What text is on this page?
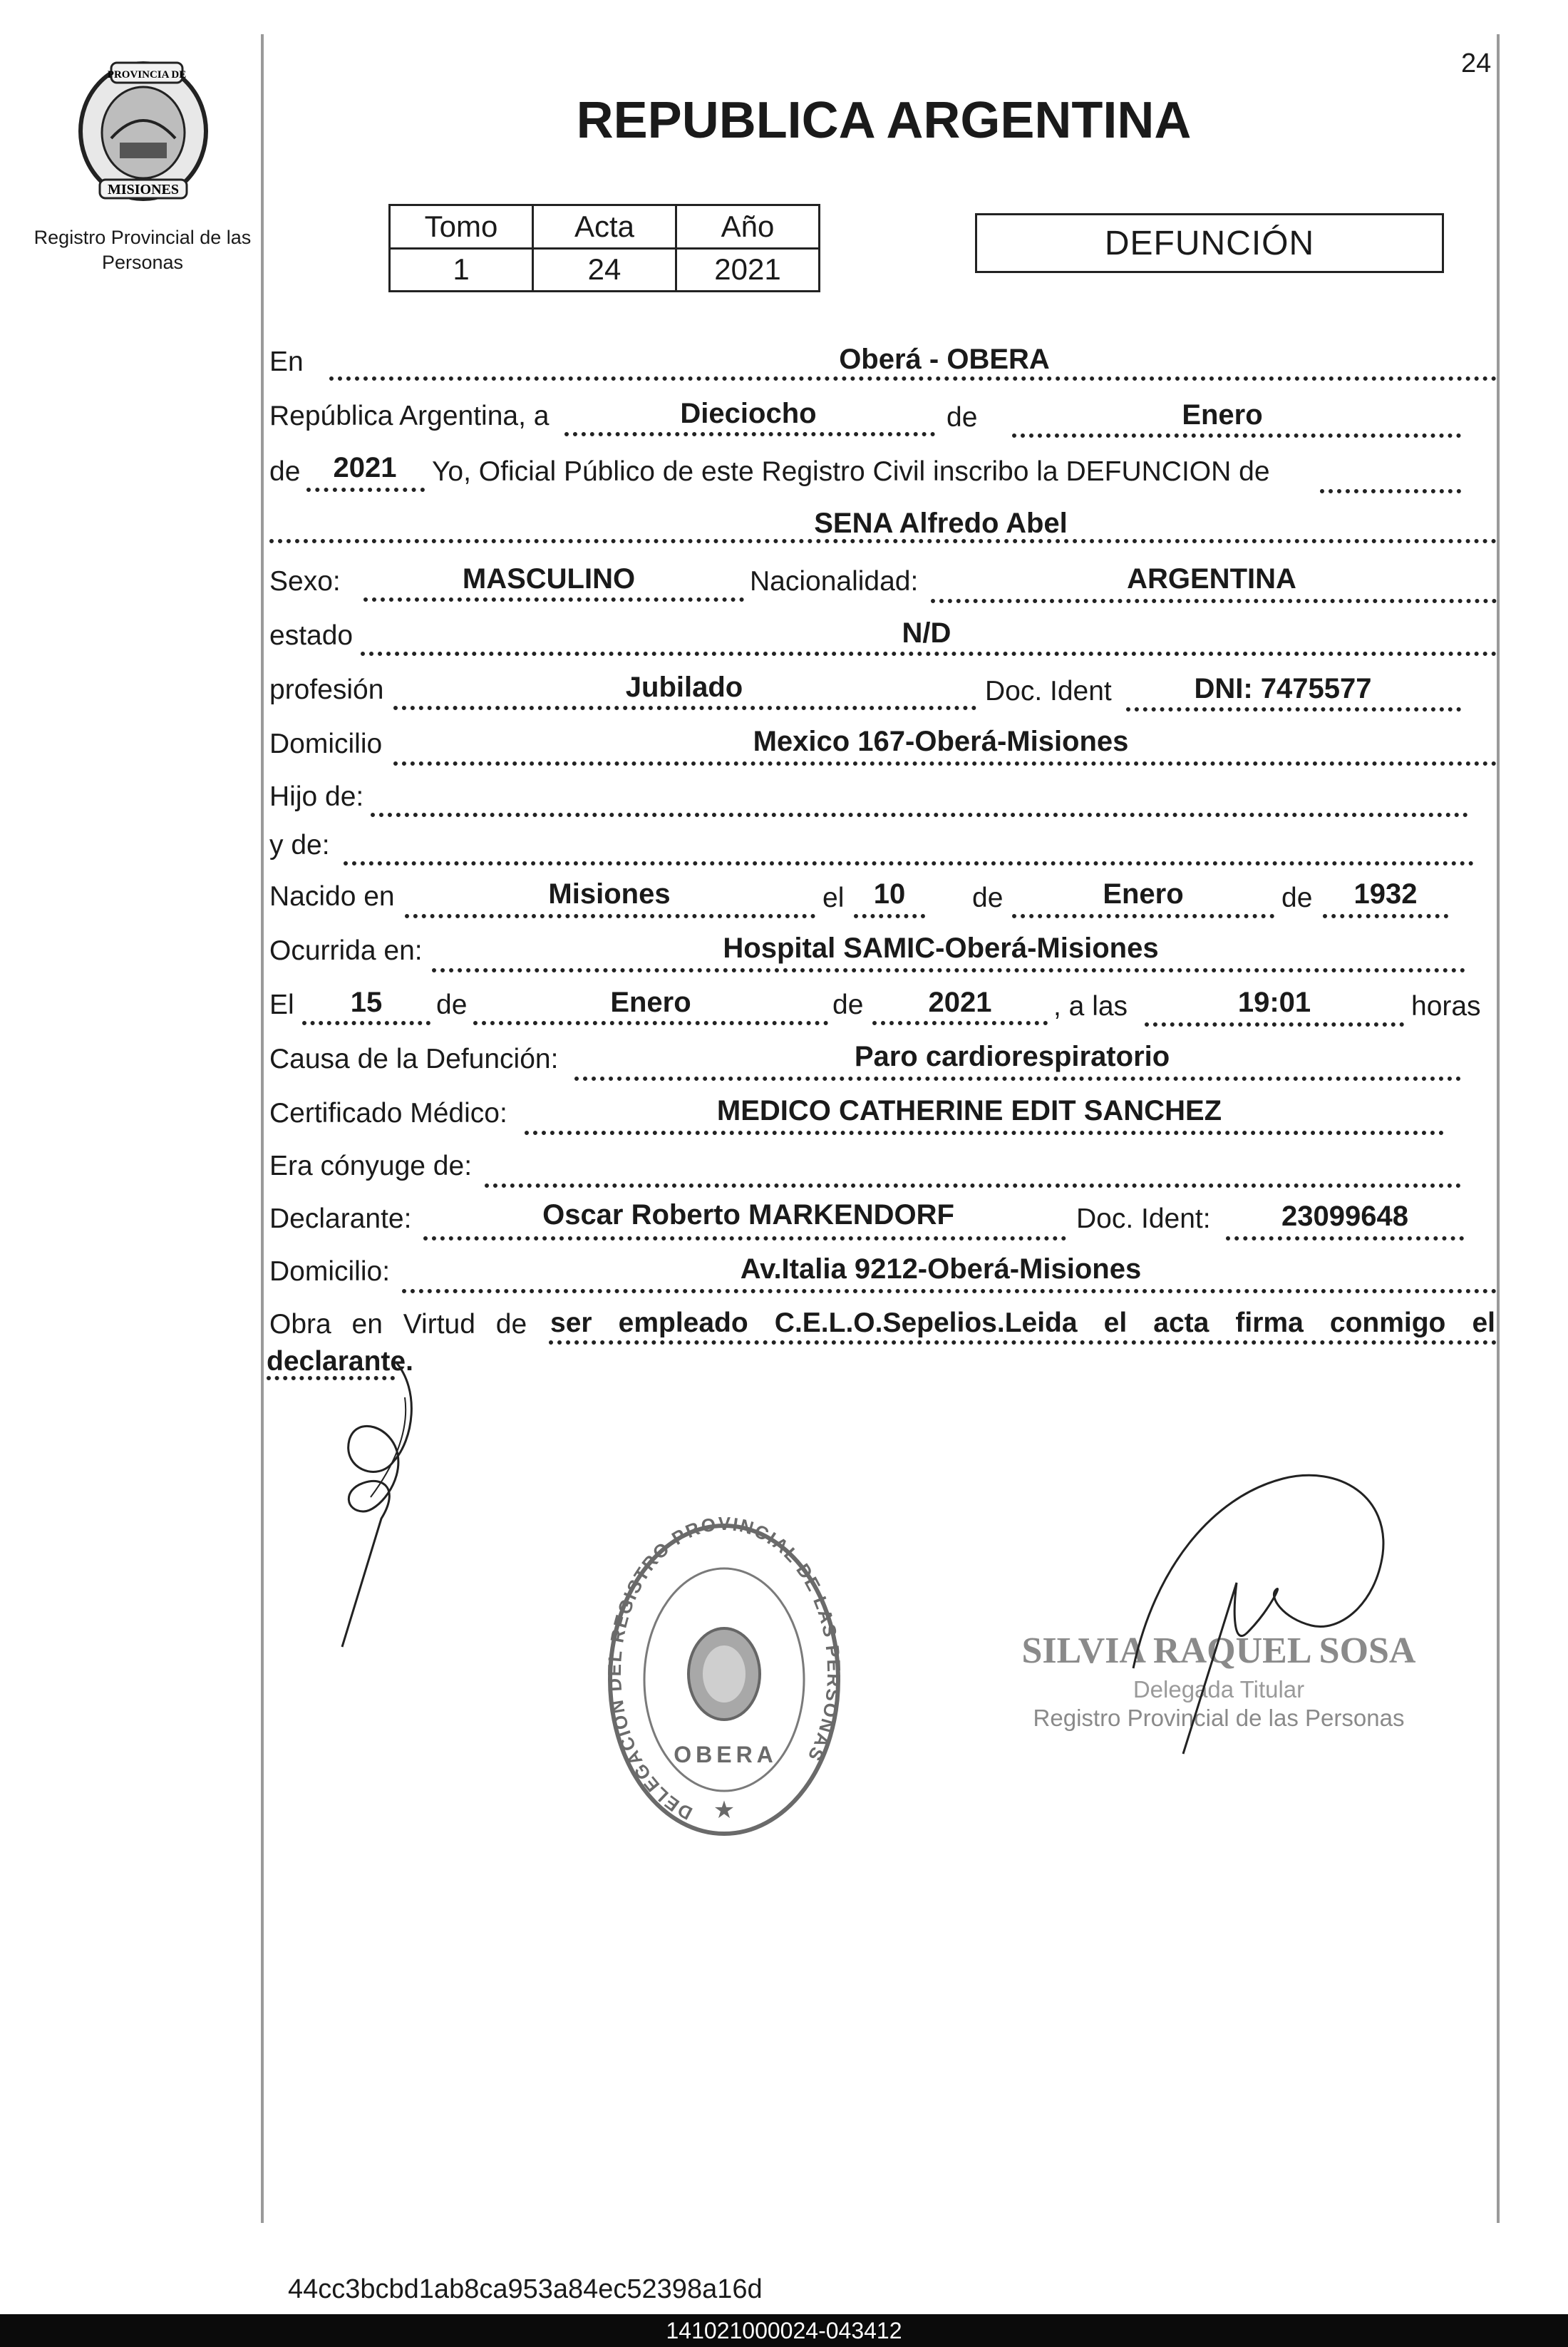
PROVINCIA DE
MISIONES
Registro Provincial de las Personas
REPUBLICA ARGENTINA
24
Tomo	Acta	Año
1	24	2021
DEFUNCIÓN
En	Oberá - OBERA
República Argentina, a	Dieciocho	de	Enero
de	2021	Yo, Oficial Público de este Registro Civil inscribo la DEFUNCION de
SENA Alfredo Abel
Sexo:	MASCULINO	Nacionalidad:	ARGENTINA
estado	N/D
profesión	Jubilado	Doc. Ident	DNI: 7475577
Domicilio	Mexico 167-Oberá-Misiones
Hijo de:
y de:
Nacido en	Misiones	el	10	de	Enero	de	1932
Ocurrida en:	Hospital SAMIC-Oberá-Misiones
El	15	de	Enero	de	2021	, a las	19:01	horas
Causa de la Defunción:	Paro cardiorespiratorio
Certificado Médico:	MEDICO CATHERINE EDIT SANCHEZ
Era cónyuge de:
Declarante:	Oscar Roberto MARKENDORF	Doc. Ident:	23099648
Domicilio:	Av.Italia 9212-Oberá-Misiones
Obra en Virtud de ser empleado C.E.L.O.Sepelios.Leida el acta firma conmigo el
declarante.
DELEGACION DEL REGISTRO PROVINCIAL DE LAS PERSONAS
OBERA
★
SILVIA RAQUEL SOSA
Delegada Titular
Registro Provincial de las Personas
44cc3bcbd1ab8ca953a84ec52398a16d
141021000024-043412
